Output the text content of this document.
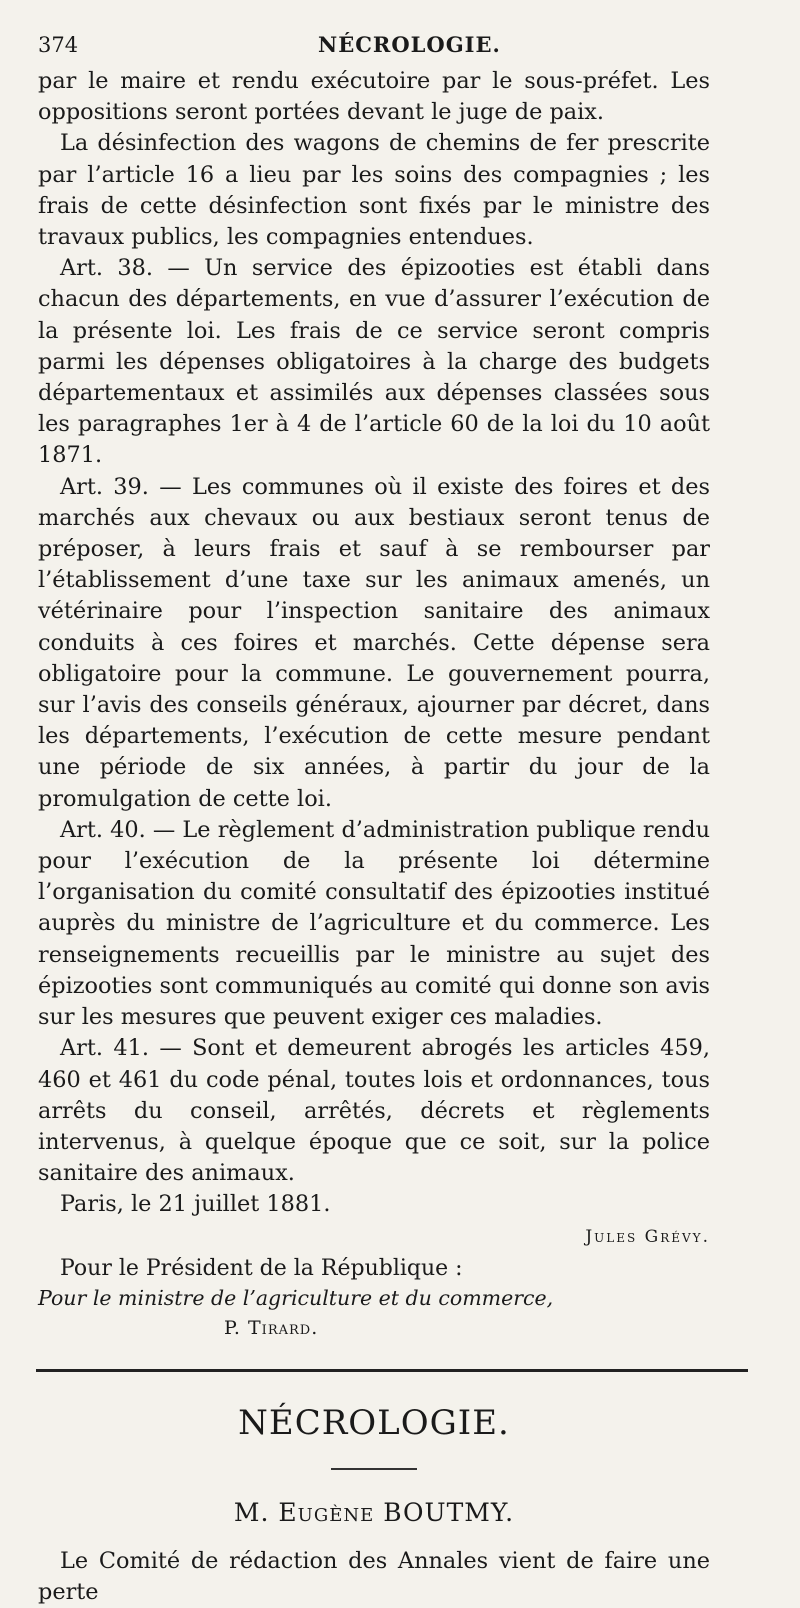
374	NÉCROLOGIE.

par le maire et rendu exécutoire par le sous-préfet. Les oppositions seront portées devant le juge de paix.

La désinfection des wagons de chemins de fer prescrite par l’article 16 a lieu par les soins des compagnies ; les frais de cette désinfection sont fixés par le ministre des travaux publics, les compagnies entendues.

Art. 38. — Un service des épizooties est établi dans chacun des départements, en vue d’assurer l’exécution de la présente loi. Les frais de ce service seront compris parmi les dépenses obligatoires à la charge des budgets départementaux et assimilés aux dépenses classées sous les paragraphes 1er à 4 de l’article 60 de la loi du 10 août 1871.

Art. 39. — Les communes où il existe des foires et des marchés aux chevaux ou aux bestiaux seront tenus de préposer, à leurs frais et sauf à se rembourser par l’établissement d’une taxe sur les animaux amenés, un vétérinaire pour l’inspection sanitaire des animaux conduits à ces foires et marchés. Cette dépense sera obligatoire pour la commune. Le gouvernement pourra, sur l’avis des conseils généraux, ajourner par décret, dans les départements, l’exécution de cette mesure pendant une période de six années, à partir du jour de la promulgation de cette loi.

Art. 40. — Le règlement d’administration publique rendu pour l’exécution de la présente loi détermine l’organisation du comité consultatif des épizooties institué auprès du ministre de l’agriculture et du commerce. Les renseignements recueillis par le ministre au sujet des épizooties sont communiqués au comité qui donne son avis sur les mesures que peuvent exiger ces maladies.

Art. 41. — Sont et demeurent abrogés les articles 459, 460 et 461 du code pénal, toutes lois et ordonnances, tous arrêts du conseil, arrêtés, décrets et règlements intervenus, à quelque époque que ce soit, sur la police sanitaire des animaux.

Paris, le 21 juillet 1881.

Jules Grévy.

Pour le Président de la République :

Pour le ministre de l’agriculture et du commerce,

P. Tirard.

NÉCROLOGIE.
M. Eugène BOUTMY.

Le Comité de rédaction des Annales vient de faire une perte
